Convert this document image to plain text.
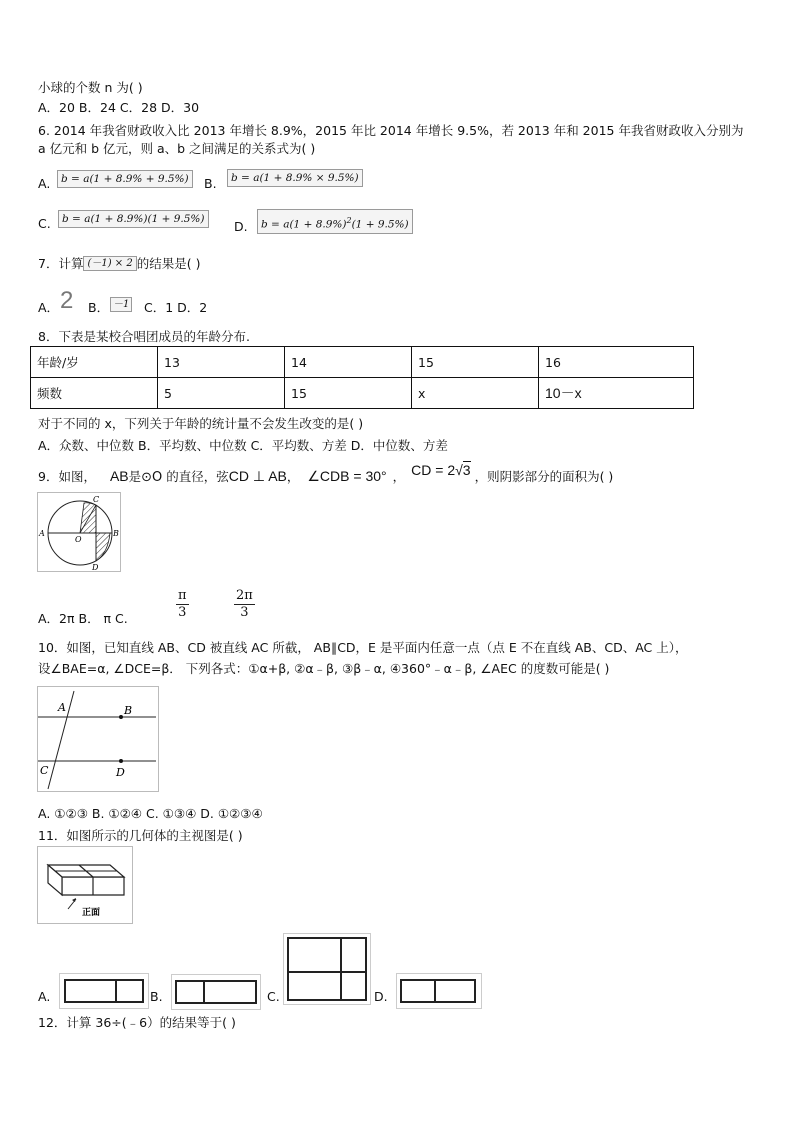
小球的个数 n 为( )
A．20 B．24 C．28 D．30
6. 2014 年我省财政收入比 2013 年增长 8.9%，2015 年比 2014 年增长 9.5%，若 2013 年和 2015 年我省财政收入分别为
a 亿元和 b 亿元，则 a、b 之间满足的关系式为( )
A.	b = a(1 + 8.9% + 9.5%)	B.	b = a(1 + 8.9% × 9.5%)
C.	b = a(1 + 8.9%)(1 + 9.5%)	D.	$b = a(1 + 8.9\%)^2(1 + 9.5\%)$
7．计算 (－1) × 2 的结果是( )
A． 2 B． －1 C．1 D．2
8．下表是某校合唱团成员的年龄分布.
年龄/岁	13	14	15	16
频数	5	15	x	10－x
对于不同的 x，下列关于年龄的统计量不会发生改变的是( )
A．众数、中位数 B．平均数、中位数 C．平均数、方差 D．中位数、方差
9．如图， AB是⊙O 的直径，弦CD ⊥ AB， ∠CDB = 30° ， CD = 2√3 ，则阴影部分的面积为( )
C
A
O
B
D
A．2π B． π C.	$\frac{\pi}{3}$	$\frac{2\pi}{3}$
10．如图，已知直线 AB、CD 被直线 AC 所截， AB∥CD，E 是平面内任意一点（点 E 不在直线 AB、CD、AC 上），
设∠BAE=α, ∠DCE=β． 下列各式：①α+β, ②α﹣β, ③β﹣α, ④360°﹣α﹣β, ∠AEC 的度数可能是( )
A	B
C	D
A. ①②③ B. ①②④ C. ①③④ D. ①②③④
11．如图所示的几何体的主视图是( )
正面
A.	B.	C.	D.
12．计算 36÷(﹣6）的结果等于( )
